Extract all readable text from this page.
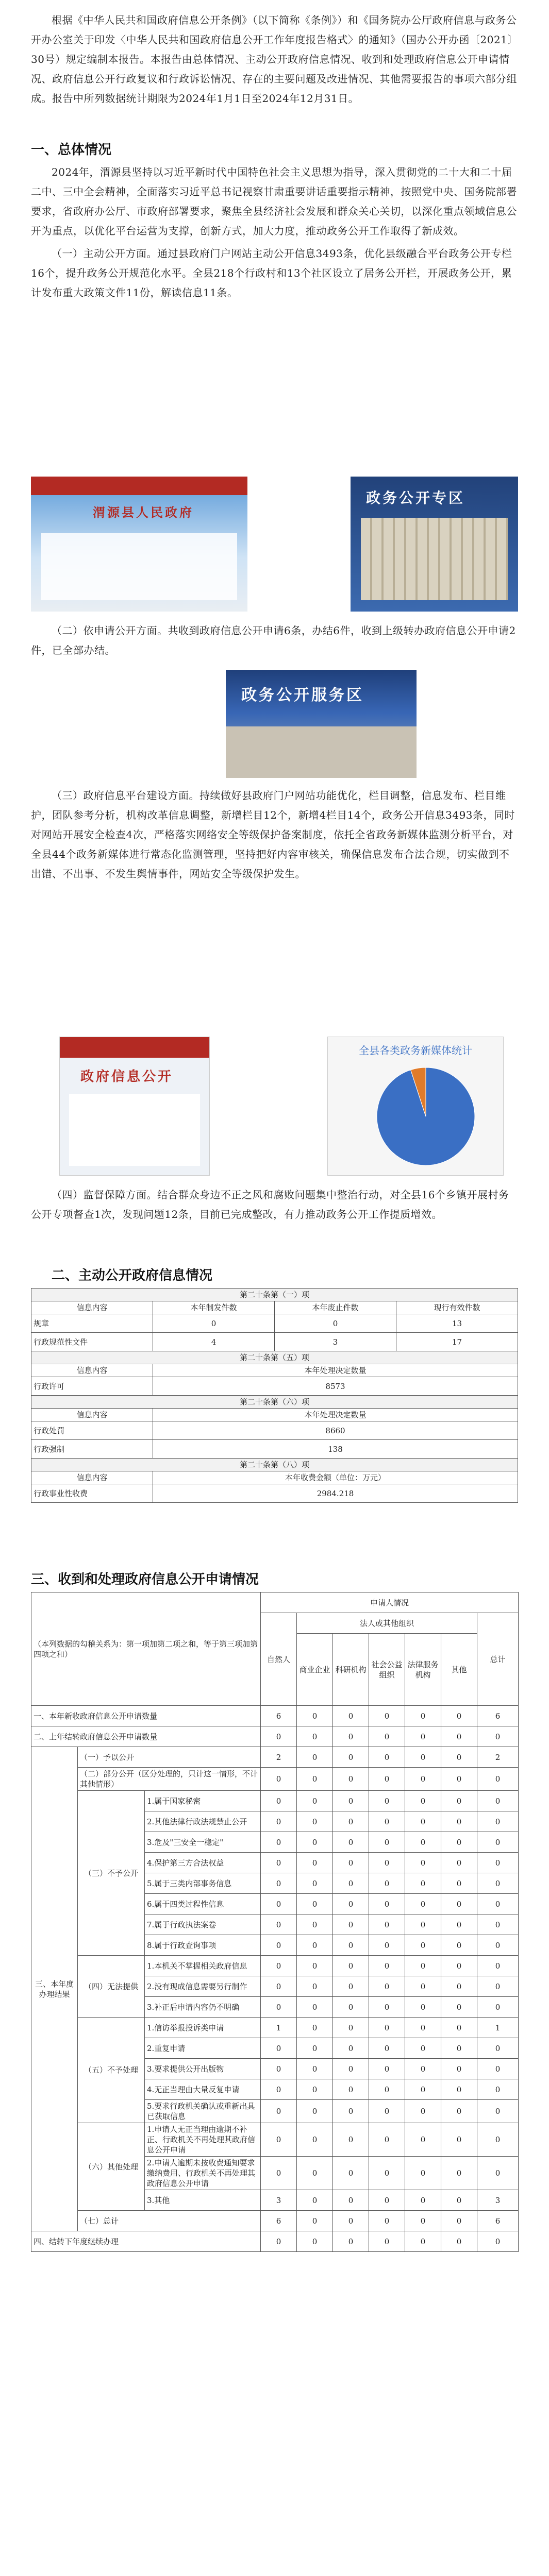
根据《中华人民共和国政府信息公开条例》（以下简称《条例》）和《国务院办公厅政府信息与政务公开办公室关于印发〈中华人民共和国政府信息公开工作年度报告格式〉的通知》（国办公开办函〔2021〕30号）规定编制本报告。本报告由总体情况、主动公开政府信息情况、收到和处理政府信息公开申请情况、政府信息公开行政复议和行政诉讼情况、存在的主要问题及改进情况、其他需要报告的事项六部分组成。报告中所列数据统计期限为2024年1月1日至2024年12月31日。

一、总体情况

2024年，渭源县坚持以习近平新时代中国特色社会主义思想为指导，深入贯彻党的二十大和二十届二中、三中全会精神，全面落实习近平总书记视察甘肃重要讲话重要指示精神，按照党中央、国务院部署要求，省政府办公厅、市政府部署要求，聚焦全县经济社会发展和群众关心关切，以深化重点领域信息公开为重点，以优化平台运营为支撑，创新方式，加大力度，推动政务公开工作取得了新成效。

（一）主动公开方面。通过县政府门户网站主动公开信息3493条，优化县级融合平台政务公开专栏16个，提升政务公开规范化水平。全县218个行政村和13个社区设立了居务公开栏，开展政务公开，累计发布重大政策文件11份，解读信息11条。

渭源县人民政府
政务公开专区

（二）依申请公开方面。共收到政府信息公开申请6条，办结6件，收到上级转办政府信息公开申请2件，已全部办结。

政务公开服务区

（三）政府信息平台建设方面。持续做好县政府门户网站功能优化，栏目调整，信息发布、栏目维护，团队参考分析，机构改革信息调整，新增栏目12个，新增4栏目14个，政务公开信息3493条，同时对网站开展安全检查4次，严格落实网络安全等级保护备案制度，依托全省政务新媒体监测分析平台，对全县44个政务新媒体进行常态化监测管理，坚持把好内容审核关，确保信息发布合法合规，切实做到不出错、不出事、不发生舆情事件，网站安全等级保护发生。

政府信息公开
全县各类政务新媒体统计

（四）监督保障方面。结合群众身边不正之风和腐败问题集中整治行动，对全县16个乡镇开展村务公开专项督查1次，发现问题12条，目前已完成整改，有力推动政务公开工作提质增效。

二、主动公开政府信息情况
第二十条第（一）项			
信息内容	本年制发件数	本年废止件数	现行有效件数
规章	0	0	13
行政规范性文件	4	3	17
第二十条第（五）项			
信息内容	本年处理决定数量		
行政许可	8573		
第二十条第（六）项			
信息内容	本年处理决定数量		
行政处罚	8660		
行政强制	138		
第二十条第（八）项			
信息内容	本年收费金额（单位：万元）		
行政事业性收费	2984.218		
三、收到和处理政府信息公开申请情况
（本列数据的勾稽关系为：第一项加第二项之和，等于第三项加第四项之和）			申请人情况						
			自然人	法人或其他组织					总计
				商业企业	科研机构	社会公益组织	法律服务机构	其他	
一、本年新收政府信息公开申请数量			6	0	0	0	0	0	6
二、上年结转政府信息公开申请数量			0	0	0	0	0	0	0
三、本年度办理结果	（一）予以公开		2	0	0	0	0	0	2
	（二）部分公开（区分处理的，只计这一情形，不计其他情形）		0	0	0	0	0	0	0
	（三）不予公开	1.属于国家秘密	0	0	0	0	0	0	0
		2.其他法律行政法规禁止公开	0	0	0	0	0	0	0
		3.危及"三安全一稳定"	0	0	0	0	0	0	0
		4.保护第三方合法权益	0	0	0	0	0	0	0
		5.属于三类内部事务信息	0	0	0	0	0	0	0
		6.属于四类过程性信息	0	0	0	0	0	0	0
		7.属于行政执法案卷	0	0	0	0	0	0	0
		8.属于行政查询事项	0	0	0	0	0	0	0
	（四）无法提供	1.本机关不掌握相关政府信息	0	0	0	0	0	0	0
		2.没有现成信息需要另行制作	0	0	0	0	0	0	0
		3.补正后申请内容仍不明确	0	0	0	0	0	0	0
	（五）不予处理	1.信访举报投诉类申请	1	0	0	0	0	0	1
		2.重复申请	0	0	0	0	0	0	0
		3.要求提供公开出版物	0	0	0	0	0	0	0
		4.无正当理由大量反复申请	0	0	0	0	0	0	0
		5.要求行政机关确认或重新出具已获取信息	0	0	0	0	0	0	0
	（六）其他处理	1.申请人无正当理由逾期不补正、行政机关不再处理其政府信息公开申请	0	0	0	0	0	0	0
		2.申请人逾期未按收费通知要求缴纳费用、行政机关不再处理其政府信息公开申请	0	0	0	0	0	0	0
		3.其他	3	0	0	0	0	0	3
	（七）总计		6	0	0	0	0	0	6
四、结转下年度继续办理			0	0	0	0	0	0	0
